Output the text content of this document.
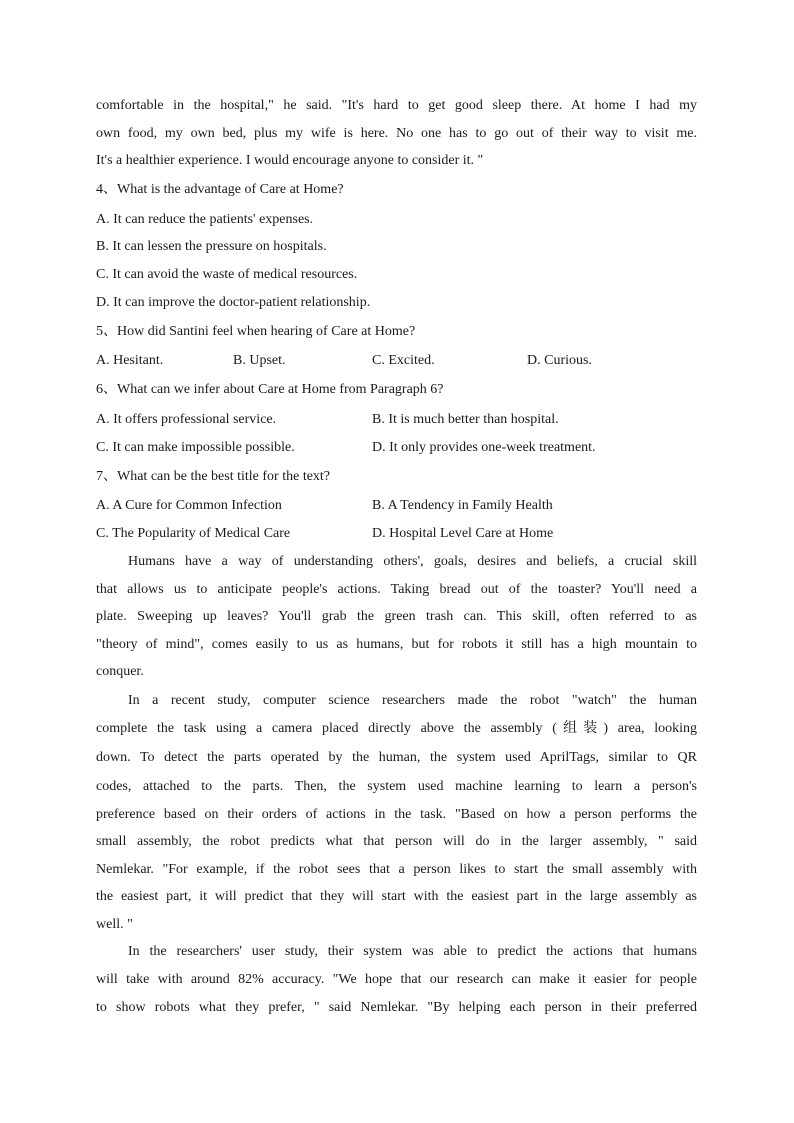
comfortable in the hospital," he said. "It's hard to get good sleep there. At home I had my
own food, my own bed, plus my wife is here. No one has to go out of their way to visit me.
It's a healthier experience. I would encourage anyone to consider it. "
4、What is the advantage of Care at Home?
A. It can reduce the patients' expenses.
B. It can lessen the pressure on hospitals.
C. It can avoid the waste of medical resources.
D. It can improve the doctor-patient relationship.
5、How did Santini feel when hearing of Care at Home?
A. Hesitant.	B. Upset.	C. Excited.	D. Curious.
6、What can we infer about Care at Home from Paragraph 6?
A. It offers professional service.	B. It is much better than hospital.
C. It can make impossible possible.	D. It only provides one-week treatment.
7、What can be the best title for the text?
A. A Cure for Common Infection	B. A Tendency in Family Health
C. The Popularity of Medical Care	D. Hospital Level Care at Home
Humans have a way of understanding others', goals, desires and beliefs, a crucial skill
that allows us to anticipate people's actions. Taking bread out of the toaster? You'll need a
plate. Sweeping up leaves? You'll grab the green trash can. This skill, often referred to as
"theory of mind", comes easily to us as humans, but for robots it still has a high mountain to
conquer.
In a recent study, computer science researchers made the robot "watch" the human
complete the task using a camera placed directly above the assembly (组装) area, looking
down. To detect the parts operated by the human, the system used AprilTags, similar to QR
codes, attached to the parts. Then, the system used machine learning to learn a person's
preference based on their orders of actions in the task. "Based on how a person performs the
small assembly, the robot predicts what that person will do in the larger assembly, " said
Nemlekar. "For example, if the robot sees that a person likes to start the small assembly with
the easiest part, it will predict that they will start with the easiest part in the large assembly as
well. "
In the researchers' user study, their system was able to predict the actions that humans
will take with around 82% accuracy. "We hope that our research can make it easier for people
to show robots what they prefer, " said Nemlekar. "By helping each person in their preferred
